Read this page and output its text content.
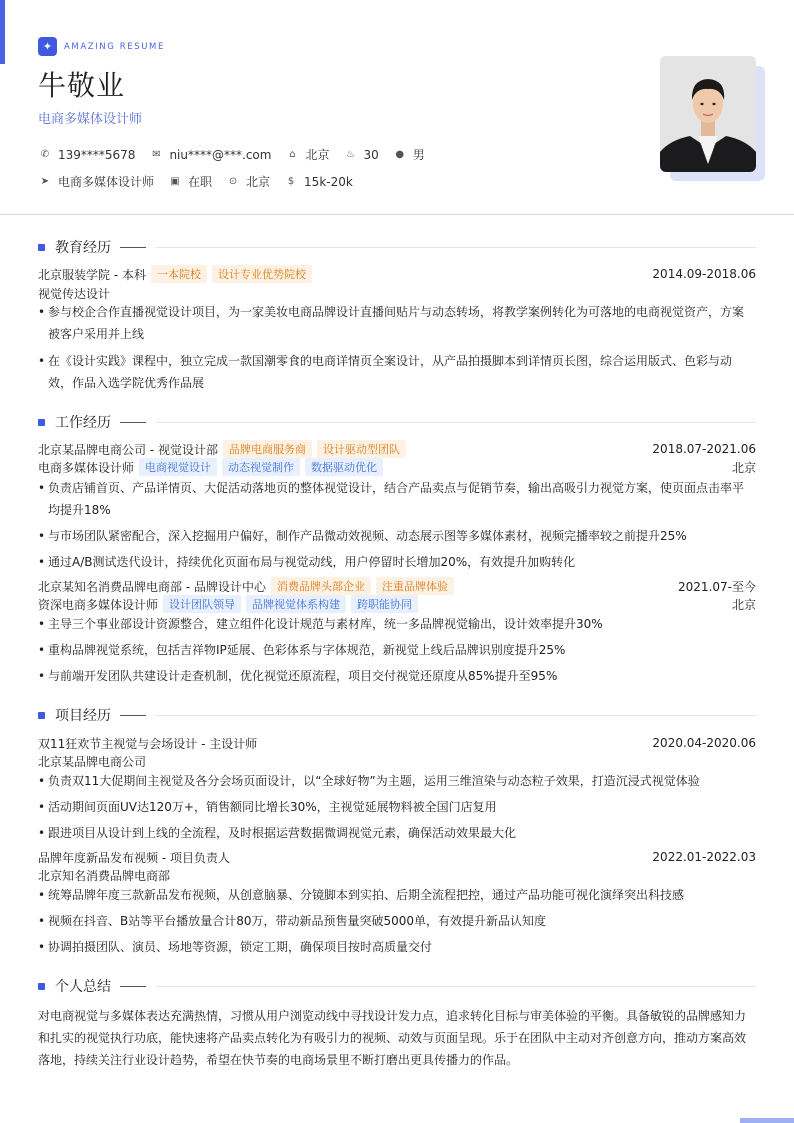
✦	AMAZING RESUME
牛敬业
电商多媒体设计师
✆ 139****5678 ✉ niu****@***.com	⌂ 北京 ♨ 30 ● 男
➤ 电商多媒体设计师 ▣ 在职 ⊙ 北京	$ 15k-20k
教育经历
北京服装学院 - 本科	一本院校	设计专业优势院校	2014.09-2018.06
视觉传达设计
• 参与校企合作直播视觉设计项目，为一家美妆电商品牌设计直播间贴片与动态转场，将教学案例转化为可落地的电商视觉资产，方案
被客户采用并上线
• 在《设计实践》课程中，独立完成一款国潮零食的电商详情页全案设计，从产品拍摄脚本到详情页长图，综合运用版式、色彩与动
效，作品入选学院优秀作品展
工作经历
北京某品牌电商公司 - 视觉设计部	品牌电商服务商	设计驱动型团队	2018.07-2021.06
电商多媒体设计师	电商视觉设计	动态视觉制作	数据驱动优化	北京
• 负责店铺首页、产品详情页、大促活动落地页的整体视觉设计，结合产品卖点与促销节奏，输出高吸引力视觉方案，使页面点击率平
均提升18%
• 与市场团队紧密配合，深入挖掘用户偏好，制作产品微动效视频、动态展示图等多媒体素材，视频完播率较之前提升25%
• 通过A/B测试迭代设计，持续优化页面布局与视觉动线，用户停留时长增加20%，有效提升加购转化
北京某知名消费品牌电商部 - 品牌设计中心	消费品牌头部企业	注重品牌体验	2021.07-至今
资深电商多媒体设计师	设计团队领导	品牌视觉体系构建	跨职能协同	北京
• 主导三个事业部设计资源整合，建立组件化设计规范与素材库，统一多品牌视觉输出，设计效率提升30%
• 重构品牌视觉系统，包括吉祥物IP延展、色彩体系与字体规范，新视觉上线后品牌识别度提升25%
• 与前端开发团队共建设计走查机制，优化视觉还原流程，项目交付视觉还原度从85%提升至95%
项目经历
双11狂欢节主视觉与会场设计 - 主设计师	2020.04-2020.06
北京某品牌电商公司
• 负责双11大促期间主视觉及各分会场页面设计，以“全球好物”为主题，运用三维渲染与动态粒子效果，打造沉浸式视觉体验
• 活动期间页面UV达120万+，销售额同比增长30%，主视觉延展物料被全国门店复用
• 跟进项目从设计到上线的全流程，及时根据运营数据微调视觉元素，确保活动效果最大化
品牌年度新品发布视频 - 项目负责人	2022.01-2022.03
北京知名消费品牌电商部
• 统筹品牌年度三款新品发布视频，从创意脑暴、分镜脚本到实拍、后期全流程把控，通过产品功能可视化演绎突出科技感
• 视频在抖音、B站等平台播放量合计80万，带动新品预售量突破5000单，有效提升新品认知度
• 协调拍摄团队、演员、场地等资源，锁定工期，确保项目按时高质量交付
个人总结
对电商视觉与多媒体表达充满热情，习惯从用户浏览动线中寻找设计发力点，追求转化目标与审美体验的平衡。具备敏锐的品牌感知力和扎实的视觉执行功底，能快速将产品卖点转化为有吸引力的视频、动效与页面呈现。乐于在团队中主动对齐创意方向，推动方案高效落地，持续关注行业设计趋势，希望在快节奏的电商场景里不断打磨出更具传播力的作品。
